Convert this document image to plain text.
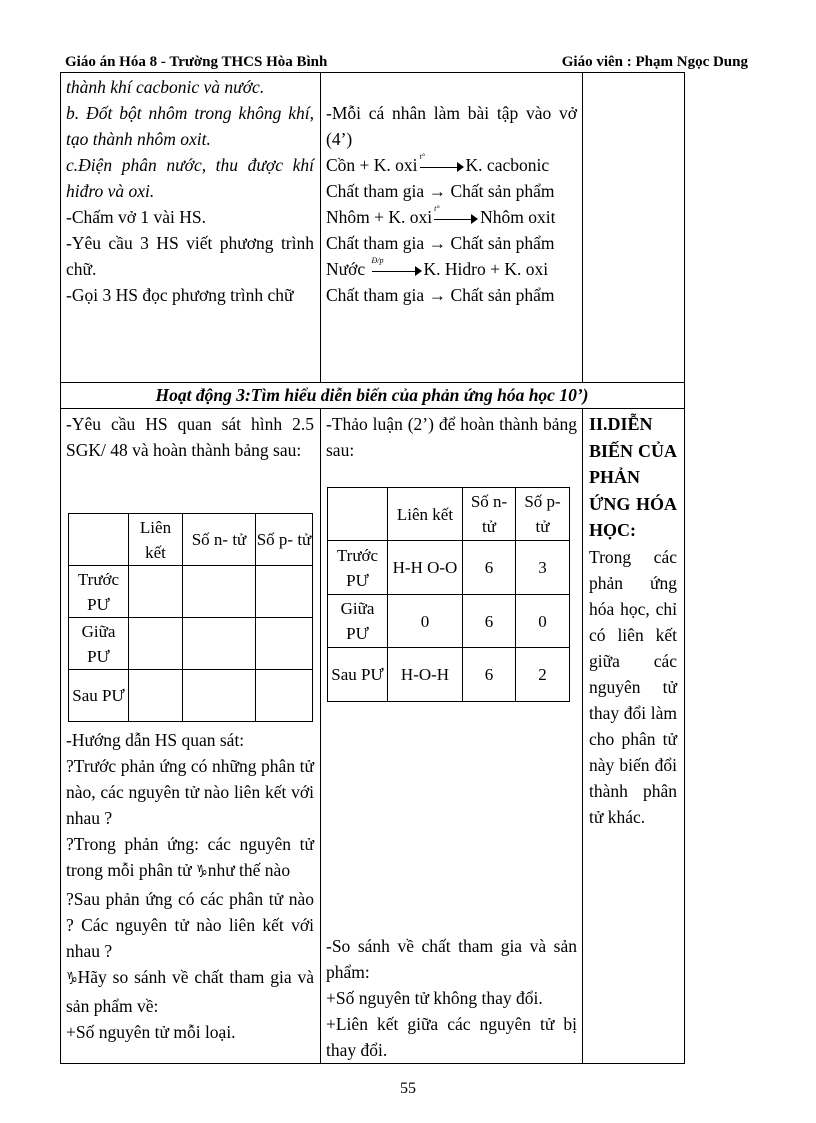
Giáo án Hóa 8 - Trường THCS Hòa Bình	Giáo viên : Phạm Ngọc Dung

thành khí cacbonic và nước.

b. Đốt bột nhôm trong không khí, tạo thành nhôm oxit.

c.Điện phân nước, thu được khí hiđro và oxi.

-Chấm vở 1 vài HS.

-Yêu cầu 3 HS viết phương trình chữ.

-Gọi 3 HS đọc phương trình chữ

-Mỗi cá nhân làm bài tập vào vở (4’)

Cồn + K. oxi t°	K. cacbonic

Chất tham gia → Chất sản phẩm

Nhôm + K. oxi t°	Nhôm oxit

Chất tham gia → Chất sản phẩm

Nước Đ/p	K. Hidro + K. oxi

Chất tham gia → Chất sản phẩm

Hoạt động 3:Tìm hiểu diễn biến của phản ứng hóa học 10’)

-Yêu cầu HS quan sát hình 2.5 SGK/ 48 và hoàn thành bảng sau:

	Liên kết	Số n- tử	Số p- tử
Trước PƯ			
Giữa PƯ			
Sau PƯ			

-Hướng dẫn HS quan sát:

?Trước phản ứng có những phân tử nào, các nguyên tử nào liên kết với nhau ?

?Trong phản ứng: các nguyên tử trong mỗi phân tử ♑như thế nào

?Sau phản ứng có các phân tử nào ? Các nguyên tử nào liên kết với nhau ?

♑Hãy so sánh về chất tham gia và sản phẩm về:

+Số nguyên tử mỗi loại.

-Thảo luận (2’) để hoàn thành bảng sau:

	Liên kết	Số n- tử	Số p- tử
Trước PƯ	H-H O-O	6	3
Giữa PƯ	0	6	0
Sau PƯ	H-O-H	6	2

-So sánh về chất tham gia và sản phẩm:

+Số nguyên tử không thay đổi.

+Liên kết giữa các nguyên tử bị thay đổi.

II.DIỄN BIẾN CỦA PHẢN ỨNG HÓA HỌC:

Trong các phản ứng hóa học, chỉ có liên kết giữa các nguyên tử thay đổi làm cho phân tử này biến đổi thành phân tử khác.

55
